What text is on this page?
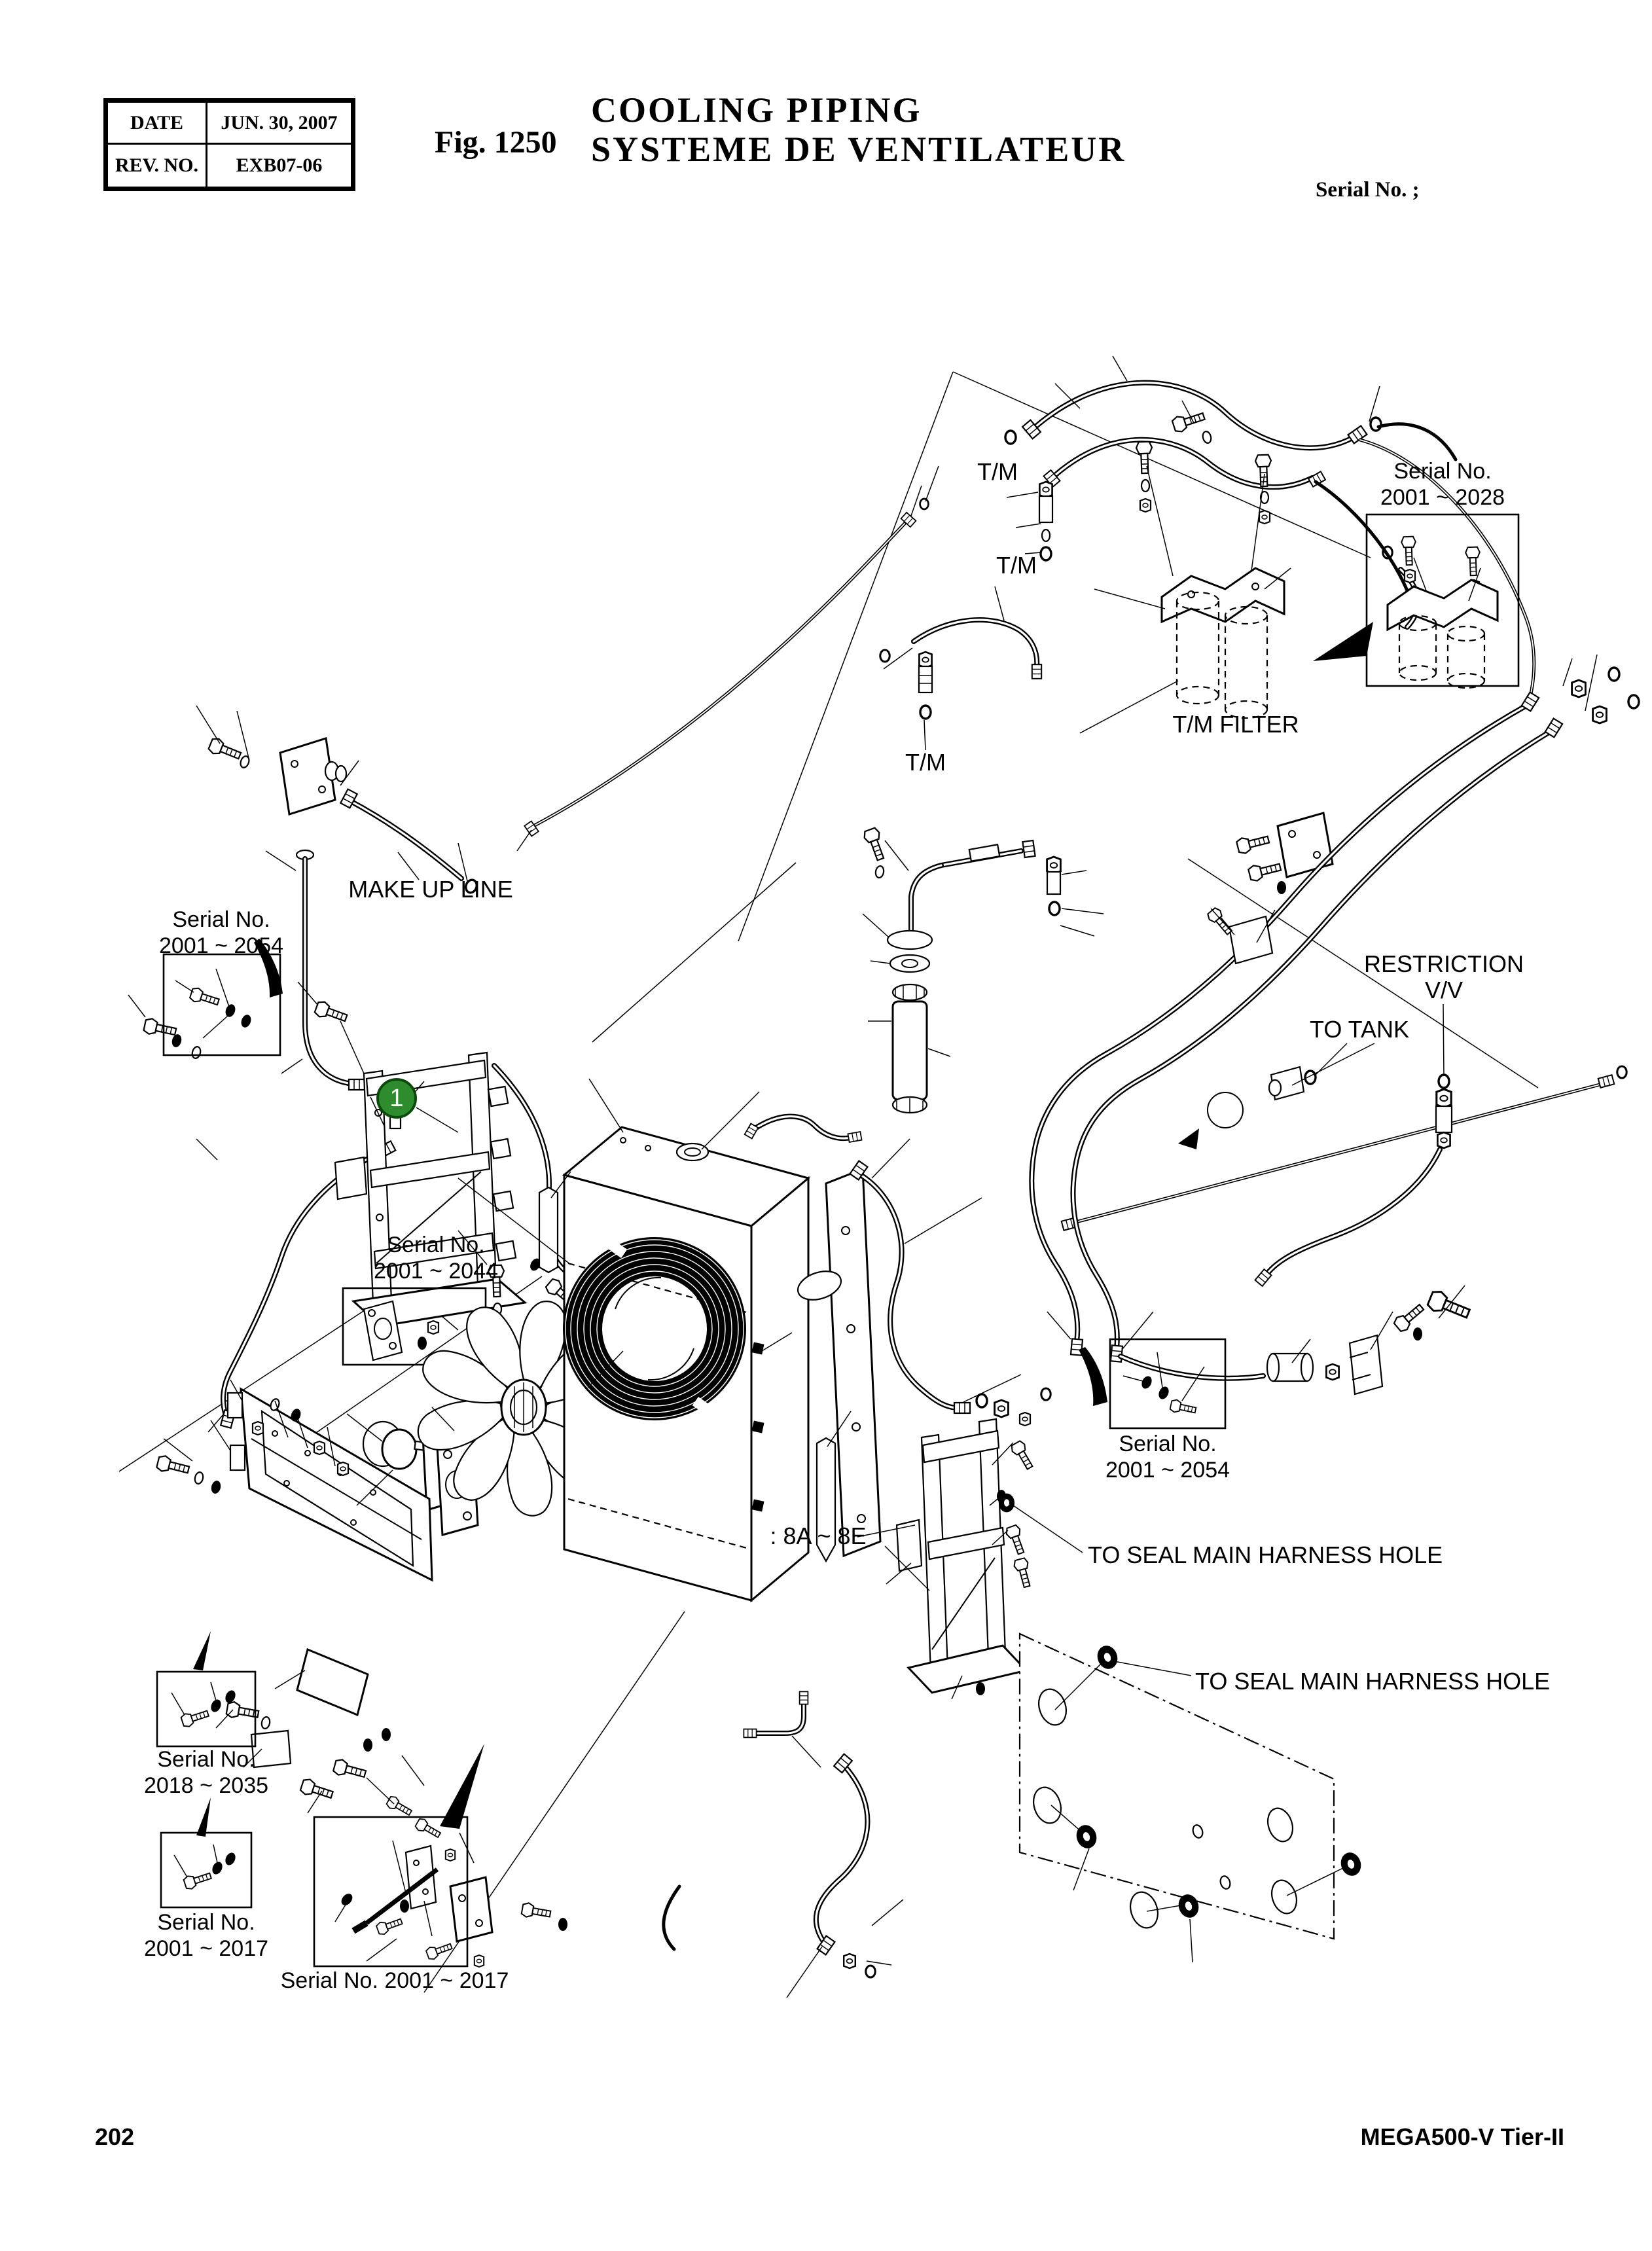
DATE	JUN. 30, 2007
REV. NO.	EXB07-06
Fig. 1250
COOLING PIPING
SYSTEME DE VENTILATEUR
Serial No. ;
T/M
T/M
T/M
T/M FILTER
MAKE UP LINE
RESTRICTION
V/V
TO TANK
: 8A ~ 8E
TO SEAL MAIN HARNESS HOLE
TO SEAL MAIN HARNESS HOLE
Serial No.
2001 ~ 2028
Serial No.
2001 ~ 2054
Serial No.
2001 ~ 2044
Serial No.
2001 ~ 2054
Serial No.
2018 ~ 2035
Serial No.
2001 ~ 2017
Serial No. 2001 ~ 2017
1
202	MEGA500-V Tier-II
